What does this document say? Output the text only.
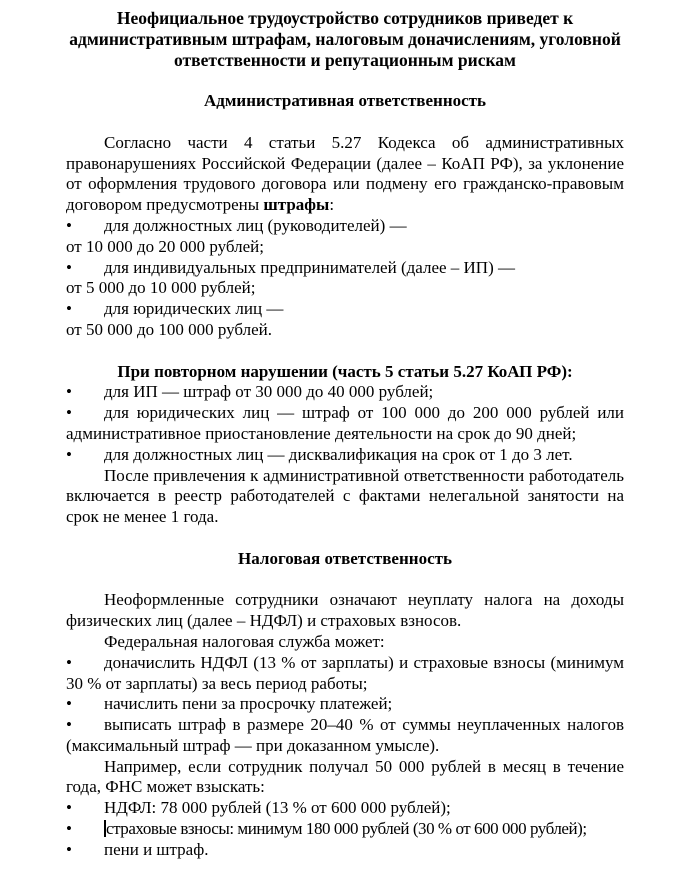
Неофициальное трудоустройство сотрудников приведет к административным штрафам, налоговым доначислениям, уголовной ответственности и репутационным рискам

Административная ответственность

Согласно части 4 статьи 5.27 Кодекса об административных правонарушениях Российской Федерации (далее – КоАП РФ), за уклонение от оформления трудового договора или подмену его гражданско-правовым договором предусмотрены штрафы:

• для должностных лиц (руководителей) —
от 10 000 до 20 000 рублей;

• для индивидуальных предпринимателей (далее – ИП) —
от 5 000 до 10 000 рублей;

• для юридических лиц —
от 50 000 до 100 000 рублей.

При повторном нарушении (часть 5 статьи 5.27 КоАП РФ):

• для ИП — штраф от 30 000 до 40 000 рублей;

• для юридических лиц — штраф от 100 000 до 200 000 рублей или административное приостановление деятельности на срок до 90 дней;

• для должностных лиц — дисквалификация на срок от 1 до 3 лет.

После привлечения к административной ответственности работодатель включается в реестр работодателей с фактами нелегальной занятости на срок не менее 1 года.

Налоговая ответственность

Неоформленные сотрудники означают неуплату налога на доходы физических лиц (далее – НДФЛ) и страховых взносов.

Федеральная налоговая служба может:

• доначислить НДФЛ (13 % от зарплаты) и страховые взносы (минимум 30 % от зарплаты) за весь период работы;

• начислить пени за просрочку платежей;

• выписать штраф в размере 20–40 % от суммы неуплаченных налогов (максимальный штраф — при доказанном умысле).

Например, если сотрудник получал 50 000 рублей в месяц в течение года, ФНС может взыскать:

• НДФЛ: 78 000 рублей (13 % от 600 000 рублей);

• страховые взносы: минимум 180 000 рублей (30 % от 600 000 рублей);

• пени и штраф.
